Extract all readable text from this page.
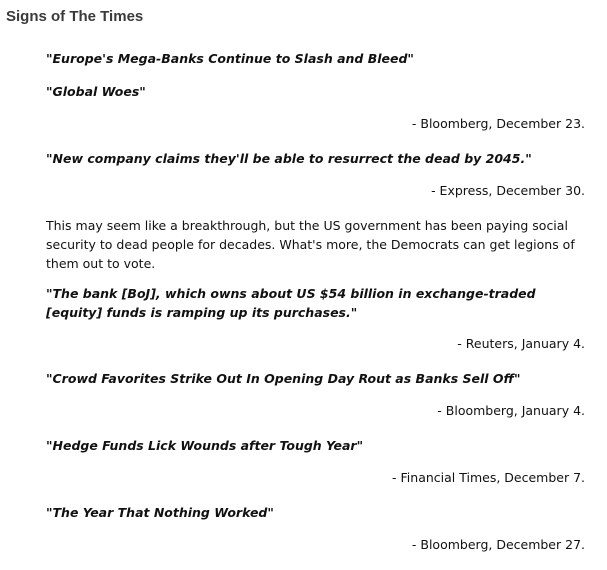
Signs of The Times

"Europe's Mega-Banks Continue to Slash and Bleed"

"Global Woes"

- Bloomberg, December 23.

"New company claims they'll be able to resurrect the dead by 2045."

- Express, December 30.

This may seem like a breakthrough, but the US government has been paying social security to dead people for decades. What's more, the Democrats can get legions of them out to vote.

"The bank [BoJ], which owns about US $54 billion in exchange-traded [equity] funds is ramping up its purchases."

- Reuters, January 4.

"Crowd Favorites Strike Out In Opening Day Rout as Banks Sell Off"

- Bloomberg, January 4.

"Hedge Funds Lick Wounds after Tough Year"

- Financial Times, December 7.

"The Year That Nothing Worked"

- Bloomberg, December 27.
